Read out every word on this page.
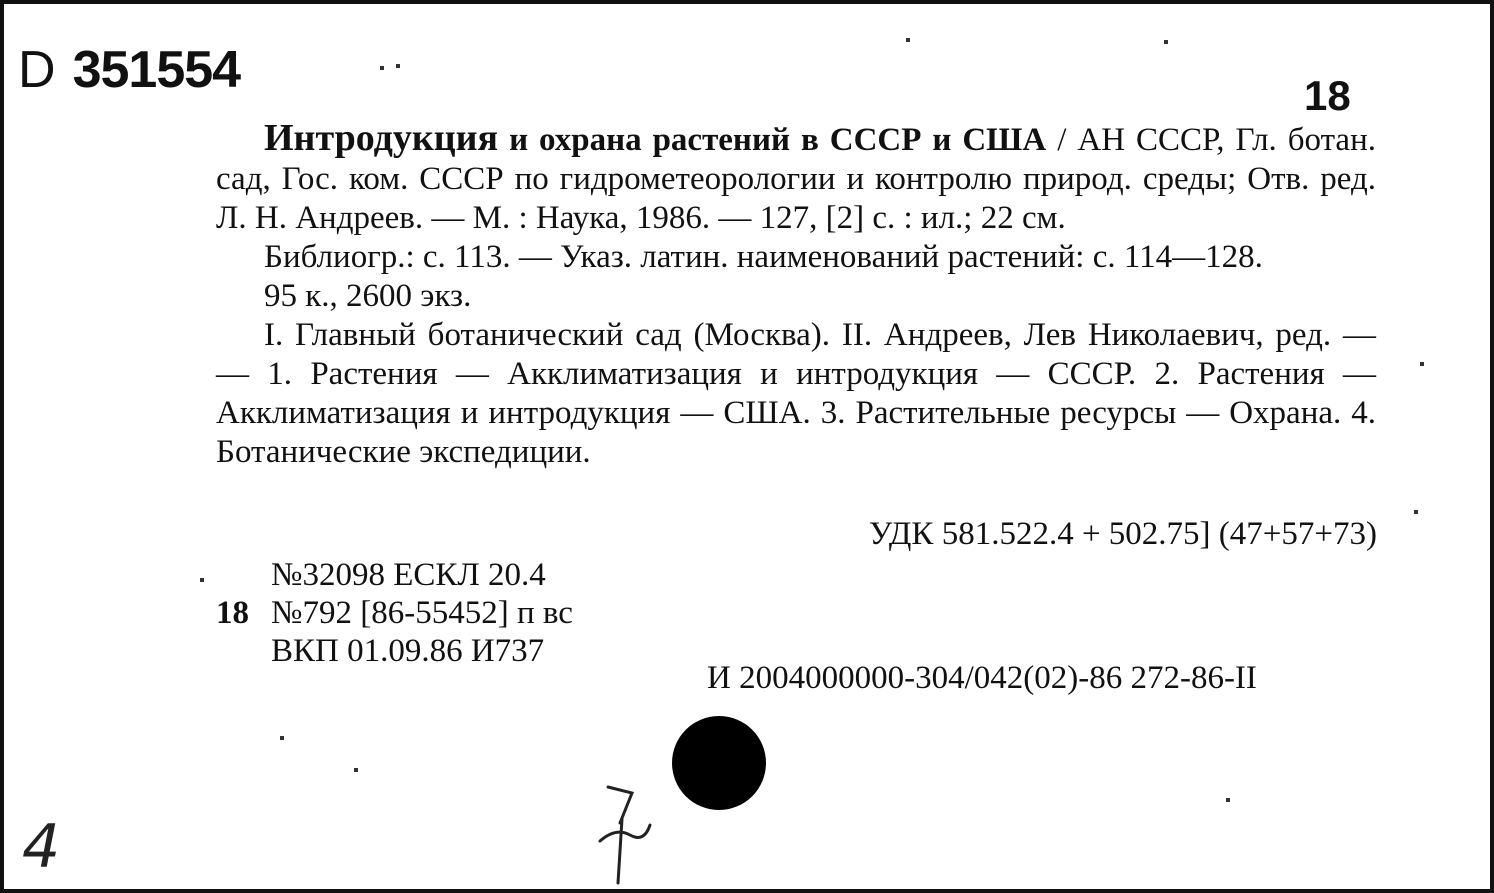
D 351554	18

Интродукция и охрана растений в СССР и США / АН СССР, Гл. ботан. сад, Гос. ком. СССР по гидрометеорологии и контролю природ. среды; Отв. ред. Л. Н. Андреев. — М. : Наука, 1986. — 127, [2] с. : ил.; 22 см.

Библиогр.: с. 113. — Указ. латин. наименований растений: с. 114—128.

95 к., 2600 экз.

I. Главный ботанический сад (Москва). II. Андреев, Лев Николаевич, ред. — — 1. Растения — Акклиматизация и интродукция — СССР. 2. Растения — Акклиматизация и интродукция — США. 3. Растительные ресурсы — Охрана. 4. Ботанические экспедиции.

УДК 581.522.4 + 502.75] (47+57+73)
№32098 ЕСКЛ 20.4
18 №792 [86-55452] п вс
ВКП 01.09.86 И737
И 2004000000-304/042(02)-86 272-86-II
4
